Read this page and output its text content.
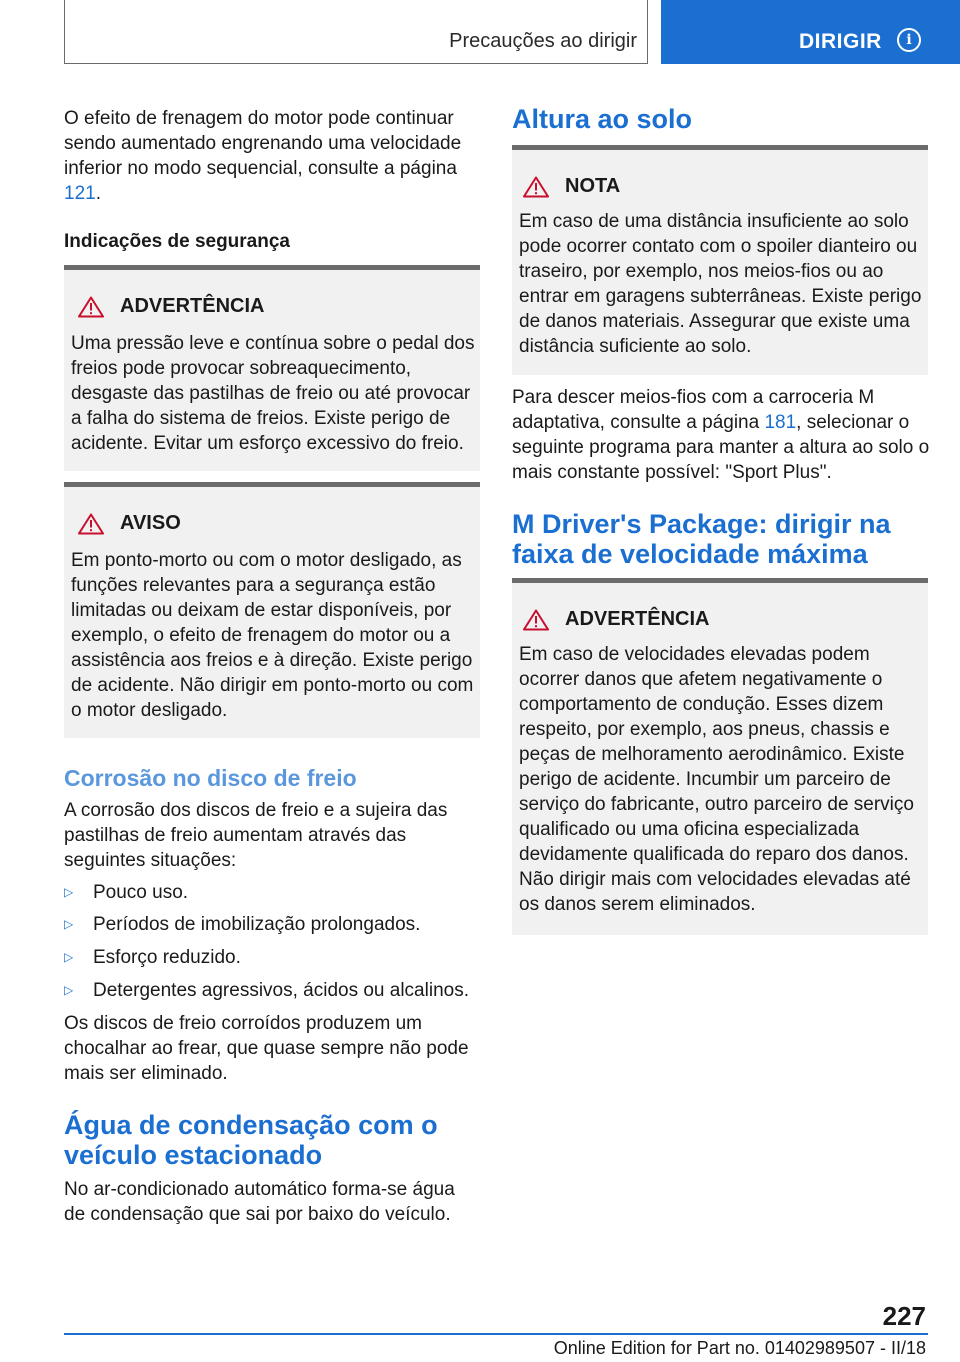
Precauções ao dirigir	DIRIGIR	i
O efeito de frenagem do motor pode continuar sendo aumentado engrenando uma velocidade inferior no modo sequencial, consulte a página 121.
Indicações de segurança
ADVERTÊNCIA
Uma pressão leve e contínua sobre o pedal dos freios pode provocar sobreaquecimento, desgaste das pastilhas de freio ou até provocar a falha do sistema de freios. Existe perigo de acidente. Evitar um esforço excessivo do freio.
AVISO
Em ponto-morto ou com o motor desligado, as funções relevantes para a segurança estão limitadas ou deixam de estar disponíveis, por exemplo, o efeito de frenagem do motor ou a assistência aos freios e à direção. Existe perigo de acidente. Não dirigir em ponto-morto ou com o motor desligado.
Corrosão no disco de freio
A corrosão dos discos de freio e a sujeira das pastilhas de freio aumentam através das seguintes situações:
▷ Pouco uso.
▷ Períodos de imobilização prolongados.
▷ Esforço reduzido.
▷ Detergentes agressivos, ácidos ou alcalinos.
Os discos de freio corroídos produzem um chocalhar ao frear, que quase sempre não pode mais ser eliminado.
Água de condensação com o veículo estacionado
No ar-condicionado automático forma-se água de condensação que sai por baixo do veículo.
Altura ao solo
NOTA
Em caso de uma distância insuficiente ao solo pode ocorrer contato com o spoiler dianteiro ou traseiro, por exemplo, nos meios-fios ou ao entrar em garagens subterrâneas. Existe perigo de danos materiais. Assegurar que existe uma distância suficiente ao solo.
Para descer meios-fios com a carroceria M adaptativa, consulte a página 181, selecionar o seguinte programa para manter a altura ao solo o mais constante possível: "Sport Plus".
M Driver's Package: dirigir na faixa de velocidade máxima
ADVERTÊNCIA
Em caso de velocidades elevadas podem ocorrer danos que afetem negativamente o comportamento de condução. Esses dizem respeito, por exemplo, aos pneus, chassis e peças de melhoramento aerodinâmico. Existe perigo de acidente. Incumbir um parceiro de serviço do fabricante, outro parceiro de serviço qualificado ou uma oficina especializada devidamente qualificada do reparo dos danos. Não dirigir mais com velocidades elevadas até os danos serem eliminados.
227
Online Edition for Part no. 01402989507 - II/18
